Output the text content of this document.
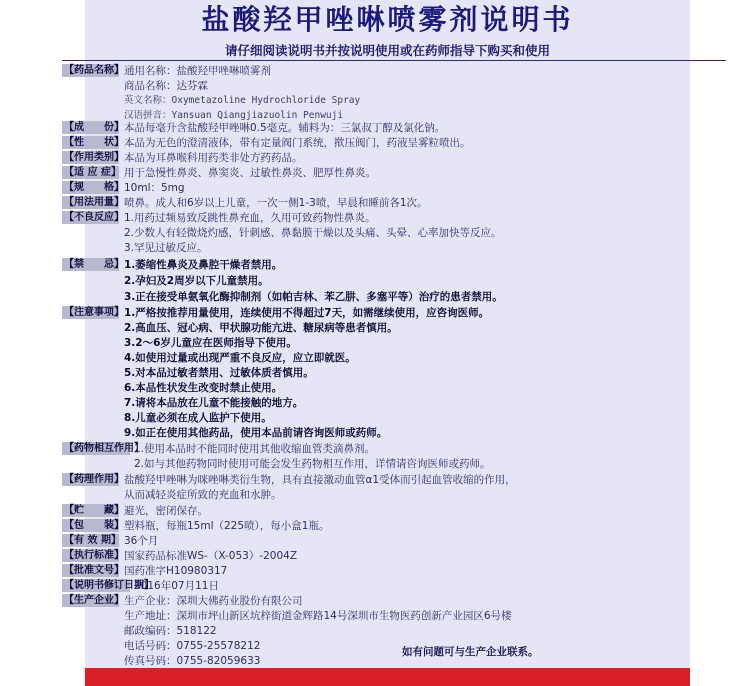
盐酸羟甲唑啉喷雾剂说明书
请仔细阅读说明书并按说明使用或在药师指导下购买和使用
【药品名称】 通用名称：盐酸羟甲唑啉喷雾剂
商品名称：达芬霖
英文名称：Oxymetazoline Hydrochloride Spray
汉语拼音：Yansuan Qiangjiazuolin Penwuji
【成　　份】 本品每毫升含盐酸羟甲唑啉0.5毫克。辅料为：三氯叔丁醇及氯化钠。
【性　　状】 本品为无色的澄清液体，带有定量阀门系统，揿压阀门，药液呈雾粒喷出。
【作用类别】 本品为耳鼻喉科用药类非处方药药品。
【适 应 症】 用于急慢性鼻炎、鼻窦炎、过敏性鼻炎、肥厚性鼻炎。
【规　　格】 10ml：5mg
【用法用量】 喷鼻。成人和6岁以上儿童，一次一侧1-3喷，早晨和睡前各1次。
【不良反应】 1.用药过频易致反跳性鼻充血，久用可致药物性鼻炎。
2.少数人有轻微烧灼感，针刺感、鼻黏膜干燥以及头痛、头晕、心率加快等反应。
3.罕见过敏反应。
【禁　　忌】 1.萎缩性鼻炎及鼻腔干燥者禁用。
2.孕妇及2周岁以下儿童禁用。
3.正在接受单氨氧化酶抑制剂（如帕吉林、苯乙肼、多塞平等）治疗的患者禁用。
【注意事项】 1.严格按推荐用量使用，连续使用不得超过7天，如需继续使用，应咨询医师。
2.高血压、冠心病、甲状腺功能亢进、糖尿病等患者慎用。
3.2～6岁儿童应在医师指导下使用。
4.如使用过量或出现严重不良反应，应立即就医。
5.对本品过敏者禁用、过敏体质者慎用。
6.本品性状发生改变时禁止使用。
7.请将本品放在儿童不能接触的地方。
8.儿童必须在成人监护下使用。
9.如正在使用其他药品，使用本品前请咨询医师或药师。
【药物相互作用】
1.使用本品时不能同时使用其他收缩血管类滴鼻剂。
2.如与其他药物同时使用可能会发生药物相互作用，详情请咨询医师或药师。
【药理作用】 盐酸羟甲唑啉为咪唑啉类衍生物，具有直接激动血管α1受体而引起血管收缩的作用，
从而减轻炎症所致的充血和水肿。
【贮　　藏】 避光，密闭保存。
【包　　装】 塑料瓶，每瓶15ml（225喷），每小盒1瓶。
【有 效 期】 36个月
【执行标准】 国家药品标准WS-（X-053）-2004Z
【批准文号】 国药准字H10980317
【说明书修订日期】
2016年07月11日
【生产企业】 生产企业：深圳大佛药业股份有限公司
生产地址：深圳市坪山新区坑梓街道金辉路14号深圳市生物医药创新产业园区6号楼
邮政编码：518122
电话号码：0755-25578212
传真号码：0755-82059633
如有问题可与生产企业联系。
